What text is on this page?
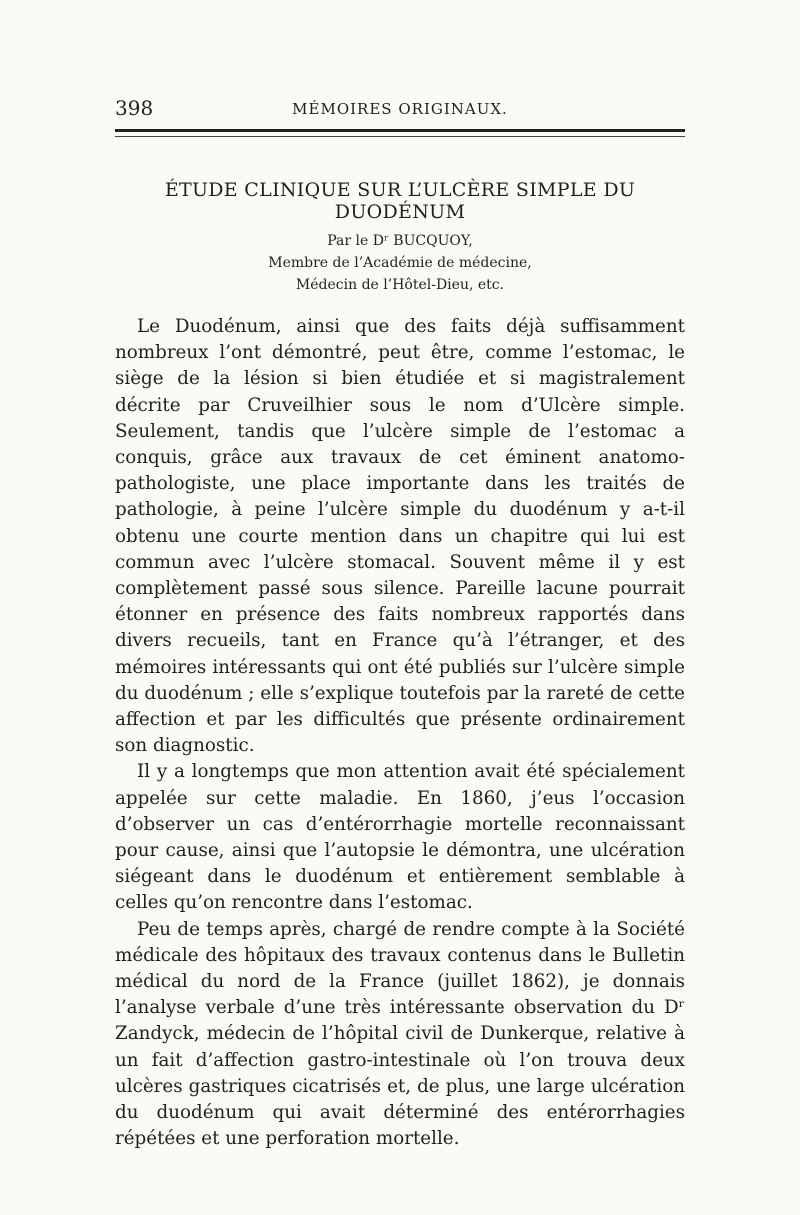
398	MÉMOIRES ORIGINAUX.
ÉTUDE CLINIQUE SUR L’ULCÈRE SIMPLE DU DUODÉNUM
Par le Dʳ BUCQUOY,
Membre de l’Académie de médecine,
Médecin de l’Hôtel-Dieu, etc.

Le Duodénum, ainsi que des faits déjà suffisamment nombreux l’ont démontré, peut être, comme l’estomac, le siège de la lésion si bien étudiée et si magistralement décrite par Cruveilhier sous le nom d’Ulcère simple. Seulement, tandis que l’ulcère simple de l’estomac a conquis, grâce aux travaux de cet éminent anatomo-pathologiste, une place importante dans les traités de pathologie, à peine l’ulcère simple du duodénum y a-t-il obtenu une courte mention dans un chapitre qui lui est commun avec l’ulcère stomacal. Souvent même il y est complètement passé sous silence. Pareille lacune pourrait étonner en présence des faits nombreux rapportés dans divers recueils, tant en France qu’à l’étranger, et des mémoires intéressants qui ont été publiés sur l’ulcère simple du duodénum ; elle s’explique toutefois par la rareté de cette affection et par les difficultés que présente ordinairement son diagnostic.

Il y a longtemps que mon attention avait été spécialement appelée sur cette maladie. En 1860, j’eus l’occasion d’observer un cas d’entérorrhagie mortelle reconnaissant pour cause, ainsi que l’autopsie le démontra, une ulcération siégeant dans le duodénum et entièrement semblable à celles qu’on rencontre dans l’estomac.

Peu de temps après, chargé de rendre compte à la Société médicale des hôpitaux des travaux contenus dans le Bulletin médical du nord de la France (juillet 1862), je donnais l’analyse verbale d’une très intéressante observation du Dʳ Zandyck, médecin de l’hôpital civil de Dunkerque, relative à un fait d’affection gastro-intestinale où l’on trouva deux ulcères gastriques cicatrisés et, de plus, une large ulcération du duodénum qui avait déterminé des entérorrhagies répétées et une perforation mortelle.
